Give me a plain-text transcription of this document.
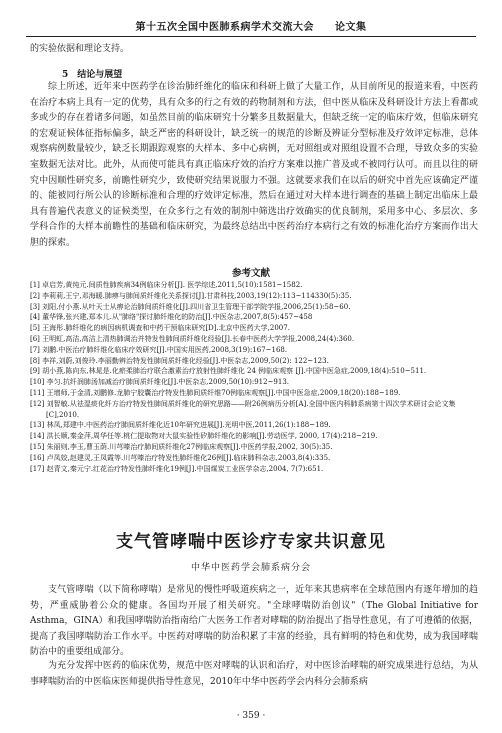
第十五次全国中医肺系病学术交流大会　　论文集

的实验依据和理论支持。

5　结论与展望

综上所述，近年来中医药学在诊治肺纤维化的临床和科研上做了大量工作，从目前所见的报道来看，中医药在治疗本病上具有一定的优势，具有众多的行之有效的药物制剂和方法，但中医从临床及科研设计方法上看都或多或少的存在着诸多问题，如虽然目前的临床研究十分繁多且数据量大，但缺乏统一定的临床疗效，但临床研究的宏观证候体征指标偏多，缺乏严密的科研设计，缺乏统一的规范的诊断及辨证分型标准及疗效评定标准，总体观察病例数量较少，缺乏长期跟踪观察的大样本、多中心病例，无对照组或对照组设置不合理，导致众多的实验室数据无法对比。此外，从而使可能具有真正临床疗效的治疗方案难以推广普及或不被同行认可。而且以往的研究中因顺性研究多，前瞻性研究少，致使研究结果说服力不强。这就要求我们在以后的研究中首先应该确定严谨的、能被同行所公认的诊断标准和合理的疗效评定标准，然后在通过对大样本进行调查的基础上制定出临床上最具有普遍代表意义的证候类型，在众多行之有效的制剂中筛选出疗效确实的优良制剂，采用多中心、多层次、多学科合作的大样本前瞻性的基础和临床研究，为最终总结出中医药治疗本病行之有效的标准化治疗方案而作出大胆的探索。

参考文献
[1] 卓启芳,黄纯元.间质性肺疾病34例临床分析[J]. 医学综述,2011,5(10):1581~1582.
[2] 李莉莉,王宁,邓海暖.肺痹与肺间质纤维化关系探讨[J].甘肃科技,2003,19(12):113~114330(5):35.
[3] 刘阳,付小燕.从叶天士从痹论治肺间质纤维化[J].四川省卫生管理干部学院学报,2006,25(1):58~60.
[4] 董华锋,张兴建,郑本儿.从"肺络"探讨肺纤维化的防治[J].中医杂志,2007,8(5):457~458
[5] 王海彤.肺纤维化的病因病机调查和中药干预临床研究[D].北京中医药大学,2007.
[6] 王明虹,高洁,高洁上清热肺调治并特发性肺间质纤维化经验[J].长春中医药大学学报,2008,24(4):360.
[7] 刘鹏.中医治疗肺纤维化临床疗效研究[J].中国实用医药,2008,3(19):167~168.
[8] 李祥,刘蔚,刘俊玲.李丽勤辨治特发性肺间质纤维化经验[J].中医杂志,2009,50(2): 122~123.
[9] 胡小燕,陈向东,林晁是.化瘀柔肺治疗联合激素治疗放射性肺纤维化 24 例临床观察 [J].中国中医急症,2009,18(4):510~511.
[10] 李匀.抗纤润肺汤加减治疗肺间质纤维化[J].中医杂志,2009,50(10):912~913.
[11] 王增师,于金清,刘鹏修.龙肺宁胶囊治疗特发性肺间质纤维70例临床观察[J].中国中医急症,2009,18(20):188~189.
[12] 刘智敏.从祛湿痰化纤方治疗特发性肺间质纤维化的研究思路——附26例病历分析[A].全国中医内科肺系病第十四次学术研讨会论文集[C],2010.
[13] 林凤,郑建中.中医药治疗肺间质纤维化近10年研究进展[J].光明中医,2011,26(1):188~189.
[14] 洪长顺,秦金萍,周华任等.桃仁提取物对大鼠实验性矽肺纤维化的影响[J].劳动医学, 2000, 17(4):218~219.
[15] 朱丽则,李玉,曹玉荫.川芎嗪治疗肺间质纤维化27例临床观察[J].中医药学报,2002, 30(5):35.
[16] 卢凤姣,赵建灵,王凤霞等.川芎嗪治疗特发性肺纤维化26例[J].临床肺科杂志,2003,8(4):335.
[17] 赵青文,秦元宁.红花治疗特发性肺纤维化19例[J].中国煤炭工业医学杂志,2004, 7(7):651.
支气管哮喘中医诊疗专家共识意见
中华中医药学会肺系病分会

支气管哮喘（以下简称哮喘）是常见的慢性呼吸道疾病之一，近年来其患病率在全球范围内有逐年增加的趋势，严重威胁着公众的健康。各国均开展了相关研究。"全球哮喘防治创议"（The Global Initiative for Asthma，GINA）和我国哮喘防治指南给广大医务工作者对哮喘的防治提出了指导性意见，有了可遵循的依据，提高了我国哮喘防治工作水平。中医药对哮喘的防治积累了丰富的经验，具有鲜明的特色和优势，成为我国哮喘防治中的重要组成部分。

为充分发挥中医药的临床优势，规范中医对哮喘的认识和治疗，对中医诊治哮喘的研究成果进行总结，为从事哮喘防治的中医临床医师提供指导性意见，2010年中华中医药学会内科分会肺系病

· 359 ·
